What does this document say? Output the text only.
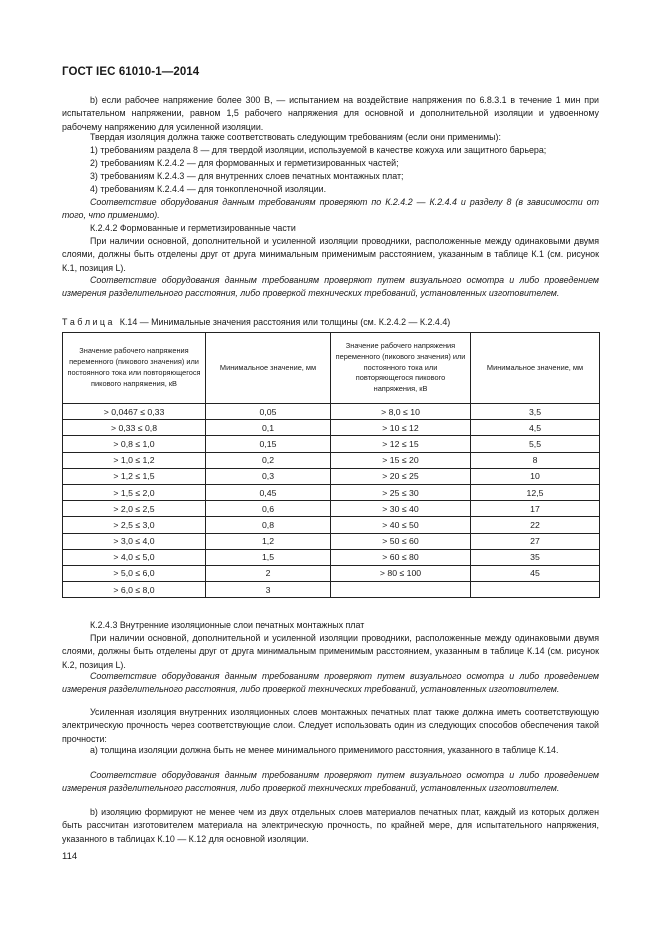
ГОСТ IEC 61010-1—2014

b) если рабочее напряжение более 300 В, — испытанием на воздействие напряжения по 6.8.3.1 в течение 1 мин при испытательном напряжении, равном 1,5 рабочего напряжения для основной и дополнительной изоляции и удвоенному рабочему напряжению для усиленной изоляции.

Твердая изоляция должна также соответствовать следующим требованиям (если они применимы):

1) требованиям раздела 8 — для твердой изоляции, используемой в качестве кожуха или защитного барьера;

2) требованиям К.2.4.2 — для формованных и герметизированных частей;

3) требованиям К.2.4.3 — для внутренних слоев печатных монтажных плат;

4) требованиям К.2.4.4 — для тонкопленочной изоляции.

Соответствие оборудования данным требованиям проверяют по К.2.4.2 — К.2.4.4 и разделу 8 (в зависимости от того, что применимо).

К.2.4.2 Формованные и герметизированные части

При наличии основной, дополнительной и усиленной изоляции проводники, расположенные между одинаковыми двумя слоями, должны быть отделены друг от друга минимальным применимым расстоянием, указанным в таблице К.1 (см. рисунок К.1, позиция L).

Соответствие оборудования данным требованиям проверяют путем визуального осмотра и либо проведением измерения разделительного расстояния, либо проверкой технических требований, установленных изготовителем.

Т а б л и ц а К.14 — Минимальные значения расстояния или толщины (см. К.2.4.2 — К.2.4.4)
Значение рабочего напряжения переменного (пикового значения) или постоянного тока или повторяющегося пикового напряжения, кВ	Минимальное значение, мм	Значение рабочего напряжения переменного (пикового значения) или постоянного тока или повторяющегося пикового напряжения, кВ	Минимальное значение, мм
> 0,0467 ≤ 0,33	0,05	> 8,0 ≤ 10	3,5
> 0,33 ≤ 0,8	0,1	> 10 ≤ 12	4,5
> 0,8 ≤ 1,0	0,15	> 12 ≤ 15	5,5
> 1,0 ≤ 1,2	0,2	> 15 ≤ 20	8
> 1,2 ≤ 1,5	0,3	> 20 ≤ 25	10
> 1,5 ≤ 2,0	0,45	> 25 ≤ 30	12,5
> 2,0 ≤ 2,5	0,6	> 30 ≤ 40	17
> 2,5 ≤ 3,0	0,8	> 40 ≤ 50	22
> 3,0 ≤ 4,0	1,2	> 50 ≤ 60	27
> 4,0 ≤ 5,0	1,5	> 60 ≤ 80	35
> 5,0 ≤ 6,0	2	> 80 ≤ 100	45
> 6,0 ≤ 8,0	3		

К.2.4.3 Внутренние изоляционные слои печатных монтажных плат

При наличии основной, дополнительной и усиленной изоляции проводники, расположенные между одинаковыми двумя слоями, должны быть отделены друг от друга минимальным применимым расстоянием, указанным в таблице К.14 (см. рисунок К.2, позиция L).

Соответствие оборудования данным требованиям проверяют путем визуального осмотра и либо проведением измерения разделительного расстояния, либо проверкой технических требований, установленных изготовителем.

Усиленная изоляция внутренних изоляционных слоев монтажных печатных плат также должна иметь соответствующую электрическую прочность через соответствующие слои. Следует использовать один из следующих способов обеспечения такой прочности:

а) толщина изоляции должна быть не менее минимального применимого расстояния, указанного в таблице К.14.

Соответствие оборудования данным требованиям проверяют путем визуального осмотра и либо проведением измерения разделительного расстояния, либо проверкой технических требований, установленных изготовителем.

b) изоляцию формируют не менее чем из двух отдельных слоев материалов печатных плат, каждый из которых должен быть рассчитан изготовителем материала на электрическую прочность, по крайней мере, для испытательного напряжения, указанного в таблицах К.10 — К.12 для основной изоляции.

114
